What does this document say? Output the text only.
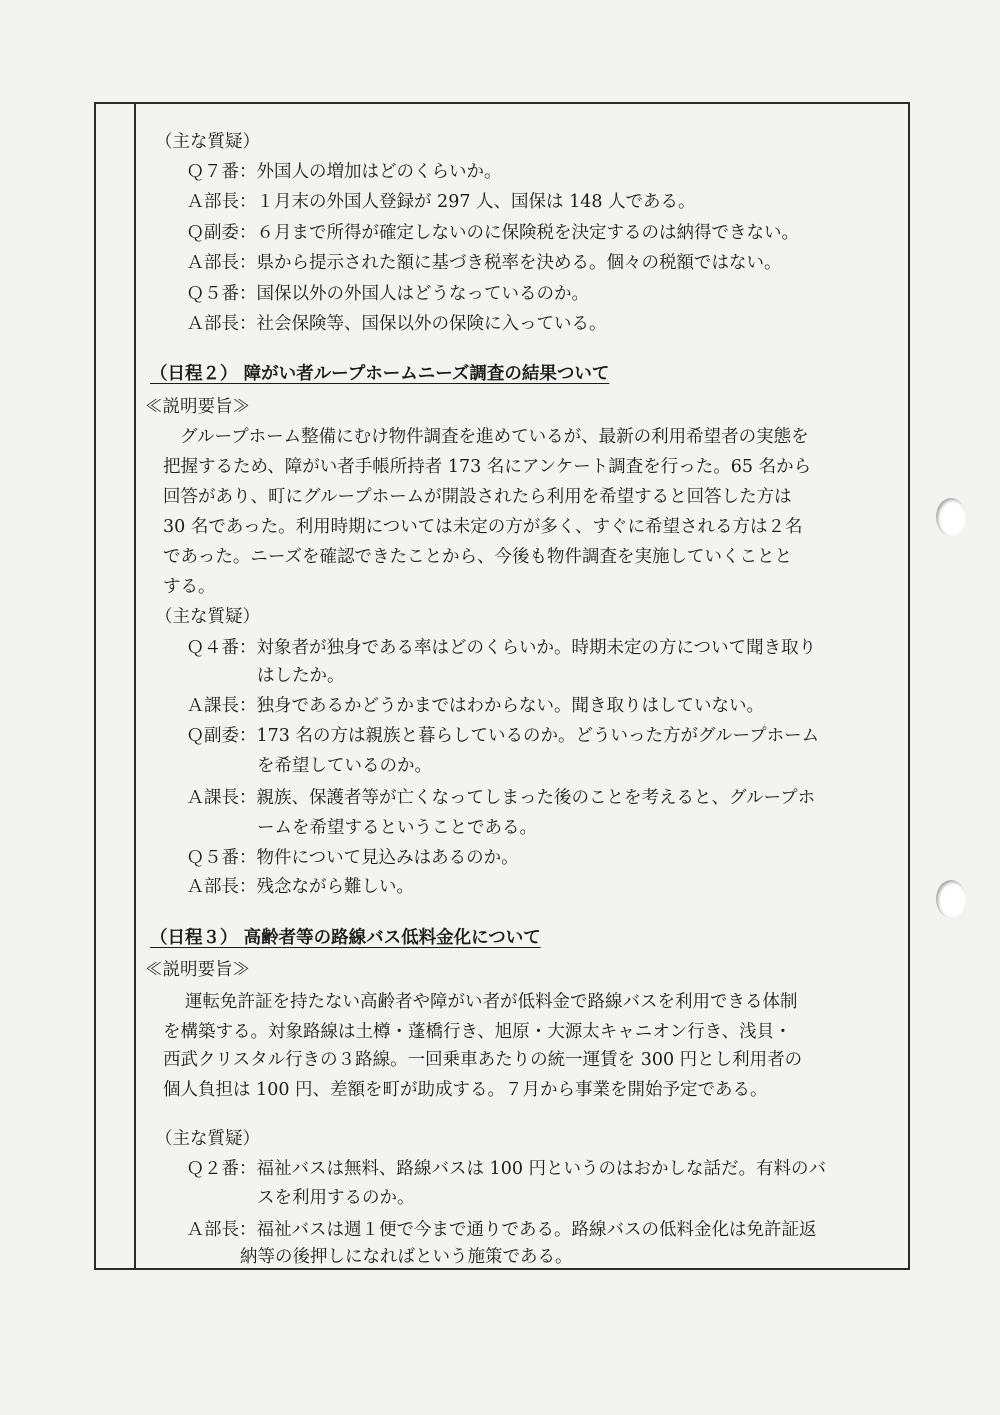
（主な質疑）
Ｑ７番：外国人の増加はどのくらいか。
Ａ部長：１月末の外国人登録が 297 人、国保は 148 人である。
Ｑ副委：６月まで所得が確定しないのに保険税を決定するのは納得できない。
Ａ部長：県から提示された額に基づき税率を決める。個々の税額ではない。
Ｑ５番：国保以外の外国人はどうなっているのか。
Ａ部長：社会保険等、国保以外の保険に入っている。
（日程２） 障がい者ループホームニーズ調査の結果ついて
≪説明要旨≫
グループホーム整備にむけ物件調査を進めているが、最新の利用希望者の実態を
把握するため、障がい者手帳所持者 173 名にアンケート調査を行った。65 名から
回答があり、町にグループホームが開設されたら利用を希望すると回答した方は
30 名であった。利用時期については未定の方が多く、すぐに希望される方は２名
であった。ニーズを確認できたことから、今後も物件調査を実施していくことと
する。
（主な質疑）
Ｑ４番：対象者が独身である率はどのくらいか。時期未定の方について聞き取り
はしたか。
Ａ課長：独身であるかどうかまではわからない。聞き取りはしていない。
Ｑ副委：173 名の方は親族と暮らしているのか。どういった方がグループホーム
を希望しているのか。
Ａ課長：親族、保護者等が亡くなってしまった後のことを考えると、グループホ
ームを希望するということである。
Ｑ５番：物件について見込みはあるのか。
Ａ部長：残念ながら難しい。
（日程３） 高齢者等の路線バス低料金化について
≪説明要旨≫
運転免許証を持たない高齢者や障がい者が低料金で路線バスを利用できる体制
を構築する。対象路線は土樽・蓬橋行き、旭原・大源太キャニオン行き、浅貝・
西武クリスタル行きの３路線。一回乗車あたりの統一運賃を 300 円とし利用者の
個人負担は 100 円、差額を町が助成する。７月から事業を開始予定である。
（主な質疑）
Ｑ２番：福祉バスは無料、路線バスは 100 円というのはおかしな話だ。有料のバ
スを利用するのか。
Ａ部長：福祉バスは週１便で今まで通りである。路線バスの低料金化は免許証返
納等の後押しになればという施策である。
